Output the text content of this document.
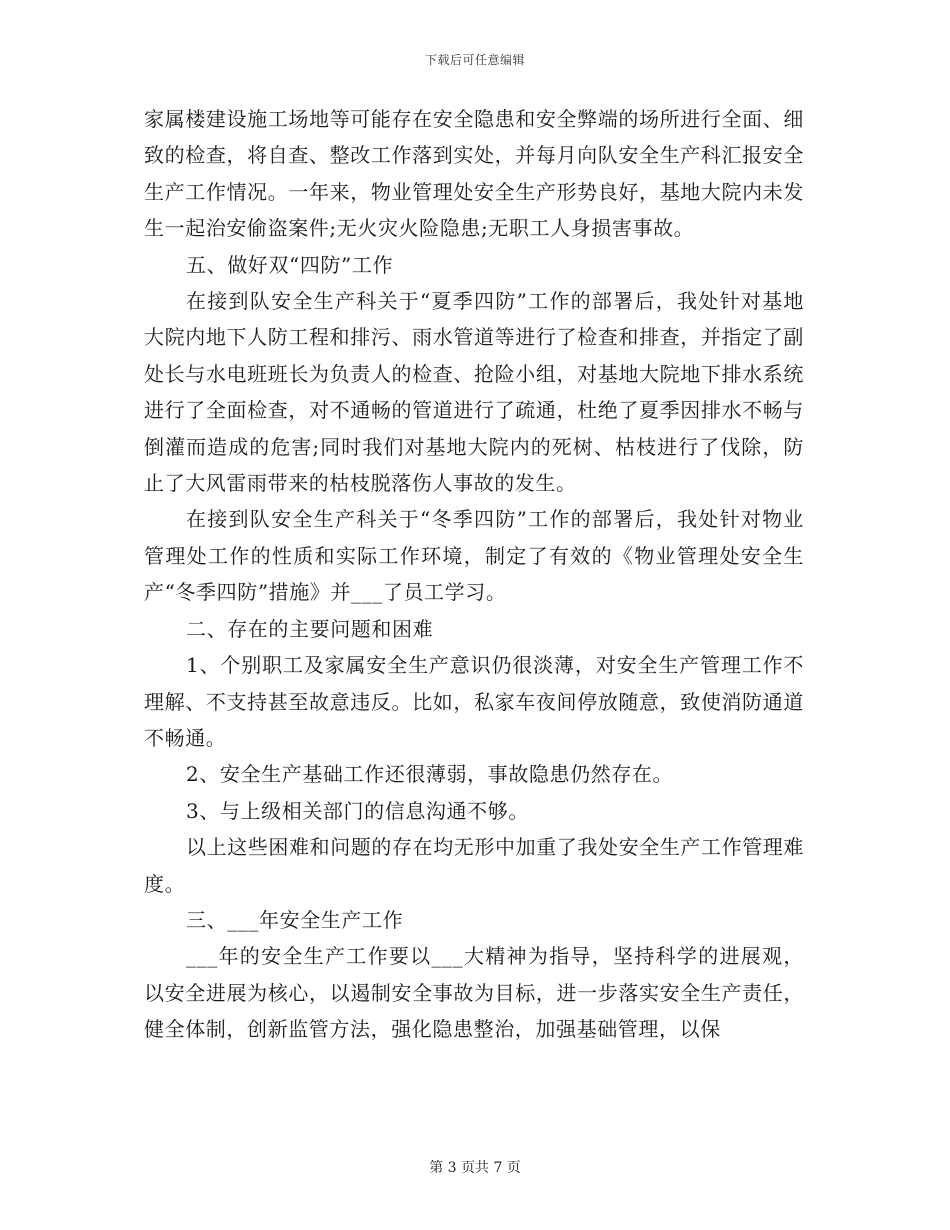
下载后可任意编辑

家属楼建设施工场地等可能存在安全隐患和安全弊端的场所进行全面、细致的检查，将自查、整改工作落到实处，并每月向队安全生产科汇报安全生产工作情况。一年来，物业管理处安全生产形势良好，基地大院内未发生一起治安偷盗案件;无火灾火险隐患;无职工人身损害事故。

五、做好双“四防”工作

在接到队安全生产科关于“夏季四防”工作的部署后，我处针对基地大院内地下人防工程和排污、雨水管道等进行了检查和排查，并指定了副处长与水电班班长为负责人的检查、抢险小组，对基地大院地下排水系统进行了全面检查，对不通畅的管道进行了疏通，杜绝了夏季因排水不畅与倒灌而造成的危害;同时我们对基地大院内的死树、枯枝进行了伐除，防止了大风雷雨带来的枯枝脱落伤人事故的发生。

在接到队安全生产科关于“冬季四防”工作的部署后，我处针对物业管理处工作的性质和实际工作环境，制定了有效的《物业管理处安全生产“冬季四防”措施》并___了员工学习。

二、存在的主要问题和困难

1、个别职工及家属安全生产意识仍很淡薄，对安全生产管理工作不理解、不支持甚至故意违反。比如，私家车夜间停放随意，致使消防通道不畅通。

2、安全生产基础工作还很薄弱，事故隐患仍然存在。

3、与上级相关部门的信息沟通不够。

以上这些困难和问题的存在均无形中加重了我处安全生产工作管理难度。

三、___年安全生产工作

___年的安全生产工作要以___大精神为指导，坚持科学的进展观，以安全进展为核心，以遏制安全事故为目标，进一步落实安全生产责任，健全体制，创新监管方法，强化隐患整治，加强基础管理，以保

第 3 页共 7 页
